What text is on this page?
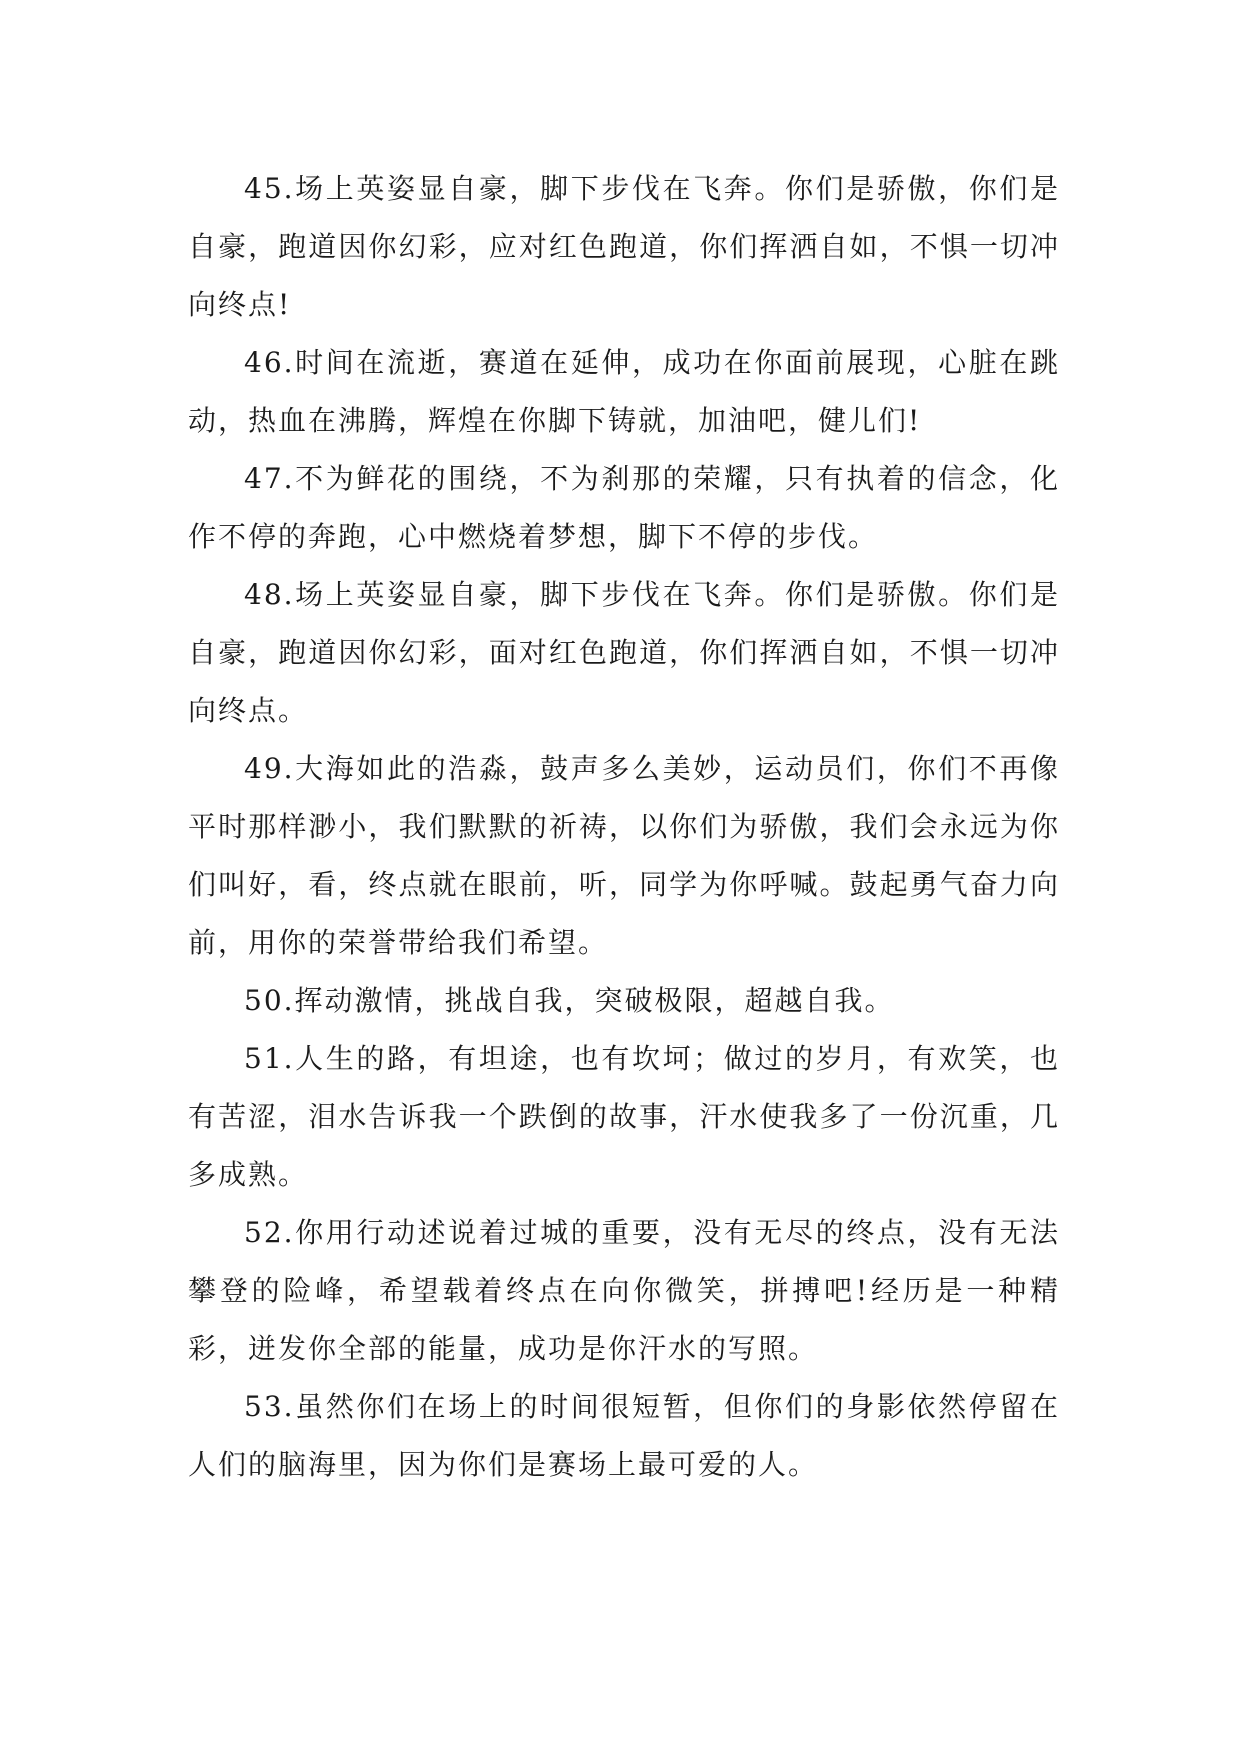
45.场上英姿显自豪，脚下步伐在飞奔。你们是骄傲，你们是自豪，跑道因你幻彩，应对红色跑道，你们挥洒自如，不惧一切冲向终点!

46.时间在流逝，赛道在延伸，成功在你面前展现，心脏在跳动，热血在沸腾，辉煌在你脚下铸就，加油吧，健儿们!

47.不为鲜花的围绕，不为刹那的荣耀，只有执着的信念，化作不停的奔跑，心中燃烧着梦想，脚下不停的步伐。

48.场上英姿显自豪，脚下步伐在飞奔。你们是骄傲。你们是自豪，跑道因你幻彩，面对红色跑道，你们挥洒自如，不惧一切冲向终点。

49.大海如此的浩淼，鼓声多么美妙，运动员们，你们不再像平时那样渺小，我们默默的祈祷，以你们为骄傲，我们会永远为你们叫好，看，终点就在眼前，听，同学为你呼喊。鼓起勇气奋力向前，用你的荣誉带给我们希望。

50.挥动激情，挑战自我，突破极限，超越自我。

51.人生的路，有坦途，也有坎坷；做过的岁月，有欢笑，也有苦涩，泪水告诉我一个跌倒的故事，汗水使我多了一份沉重，几多成熟。

52.你用行动述说着过城的重要，没有无尽的终点，没有无法攀登的险峰，希望载着终点在向你微笑，拼搏吧!经历是一种精彩，迸发你全部的能量，成功是你汗水的写照。

53.虽然你们在场上的时间很短暂，但你们的身影依然停留在人们的脑海里，因为你们是赛场上最可爱的人。
